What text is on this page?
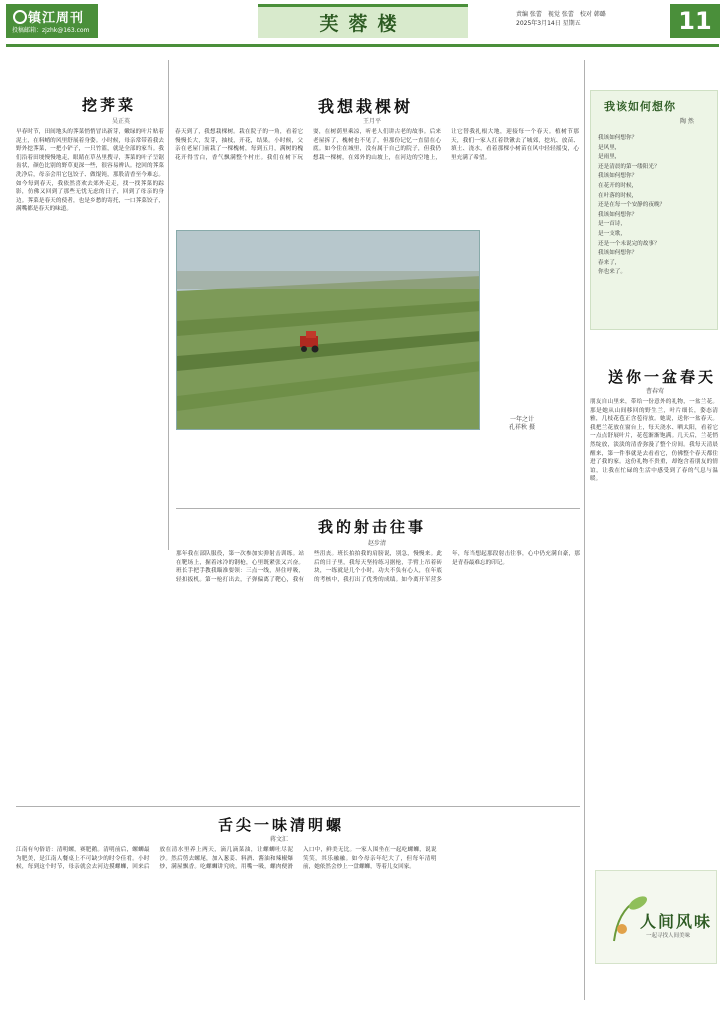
镇江周刊
投稿邮箱：zjzhk@163.com	芙蓉楼	责编 张蕾　视觉 张蕾　校对 韩璐
2025年3月14日 星期五	11
挖荠菜
吴正英
早春时节，田间地头的荠菜悄悄冒出新芽，嫩绿的叶片贴着泥土，在料峭的风里舒展着身姿。小时候，母亲常带着我去野外挖荠菜，一把小铲子，一只竹篮，就是全部的家当。我们沿着田埂慢慢地走，眼睛在草丛里搜寻，荠菜的叶子呈锯齿状，颜色比别的野草更深一些，很容易辨认。挖回的荠菜洗净后，母亲会用它包饺子、做馄饨，那股清香至今难忘。如今每到春天，我依然喜欢去郊外走走，找一找荠菜的踪影，仿佛又回到了那些无忧无虑的日子，回到了母亲的身边。荠菜是春天的使者，也是乡愁的寄托，一口荠菜饺子，满嘴都是春天的味道。
我想栽棵树
王月平
春天到了，我想栽棵树。栽在院子的一角，看着它慢慢长大，发芽，抽枝，开花，结果。小时候，父亲在老屋门前栽了一棵槐树，每到五月，满树的槐花开得雪白，香气飘满整个村庄。我们在树下玩耍，在树荫里乘凉，听老人们讲古老的故事。后来老屋拆了，槐树也不见了，但那份记忆一直留在心底。如今住在城里，没有属于自己的院子，但我仍想栽一棵树，在郊外的山坡上，在河边的空地上，让它替我扎根大地，迎接每一个春天。植树节那天，我们一家人扛着铁锹去了城郊，挖坑、放苗、填土、浇水，看着那棵小树苗在风中轻轻摇曳，心里充满了希望。
一年之计
孔祥秋 摄
我该如何想你
陶 然
我该如何想你？
是风里，
是雨里，
还是清晨的第一缕阳光？
我该如何想你？
在花开的时候，
在叶落的时候，
还是在每一个安静的夜晚？
我该如何想你？
是一首诗，
是一支歌，
还是一个未说完的故事？
我该如何想你？
春来了，
你也来了。
送你一盆春天
曹春莺
朋友自山里来，带给一份意外的礼物，一盆兰花。那是她从山间移回的野生兰，叶片细长，姿态清雅，几枝花苞正含苞待放。她说，送你一盆春天。我把兰花放在窗台上，每天浇水、晒太阳，看着它一点点舒展叶片，花苞渐渐饱满。几天后，兰花悄然绽放，淡淡的清香弥漫了整个房间。我每天清晨醒来，第一件事就是去看看它，仿佛整个春天都住进了我的家。这份礼物不贵重，却饱含着朋友的情谊，让我在忙碌的生活中感受到了春的气息与温暖。
人间风味
一起寻找人间美味
我的射击往事
赵步清
那年我在部队服役，第一次参加实弹射击训练。站在靶场上，握着冰冷的钢枪，心里既紧张又兴奋。班长手把手教我瞄准要领：三点一线，屏住呼吸，轻扣扳机。第一枪打出去，子弹偏离了靶心，我有些沮丧。班长拍拍我的肩膀说，别急，慢慢来。此后的日子里，我每天坚持练习据枪，手臂上吊着砖块，一练就是几个小时。功夫不负有心人，在年底的考核中，我打出了优秀的成绩。如今离开军营多年，每当想起那段射击往事，心中仍充满自豪，那是青春最难忘的印记。
舌尖一味清明螺
蒋文汇
江南有句俗语：清明螺，赛肥鹅。清明前后，螺蛳最为肥美，是江南人餐桌上不可缺少的时令佳肴。小时候，每到这个时节，母亲就会去河边摸螺蛳，回来后放在清水里养上两天，滴几滴菜油，让螺蛳吐尽泥沙。然后剪去螺尾，加入葱姜、料酒、酱油和辣椒爆炒，满屋飘香。吃螺蛳讲究吮，用嘴一吸，螺肉便滑入口中，鲜美无比。一家人围坐在一起吃螺蛳，说说笑笑，其乐融融。如今母亲年纪大了，但每年清明前，她依然会炒上一盘螺蛳，等着儿女回家。
